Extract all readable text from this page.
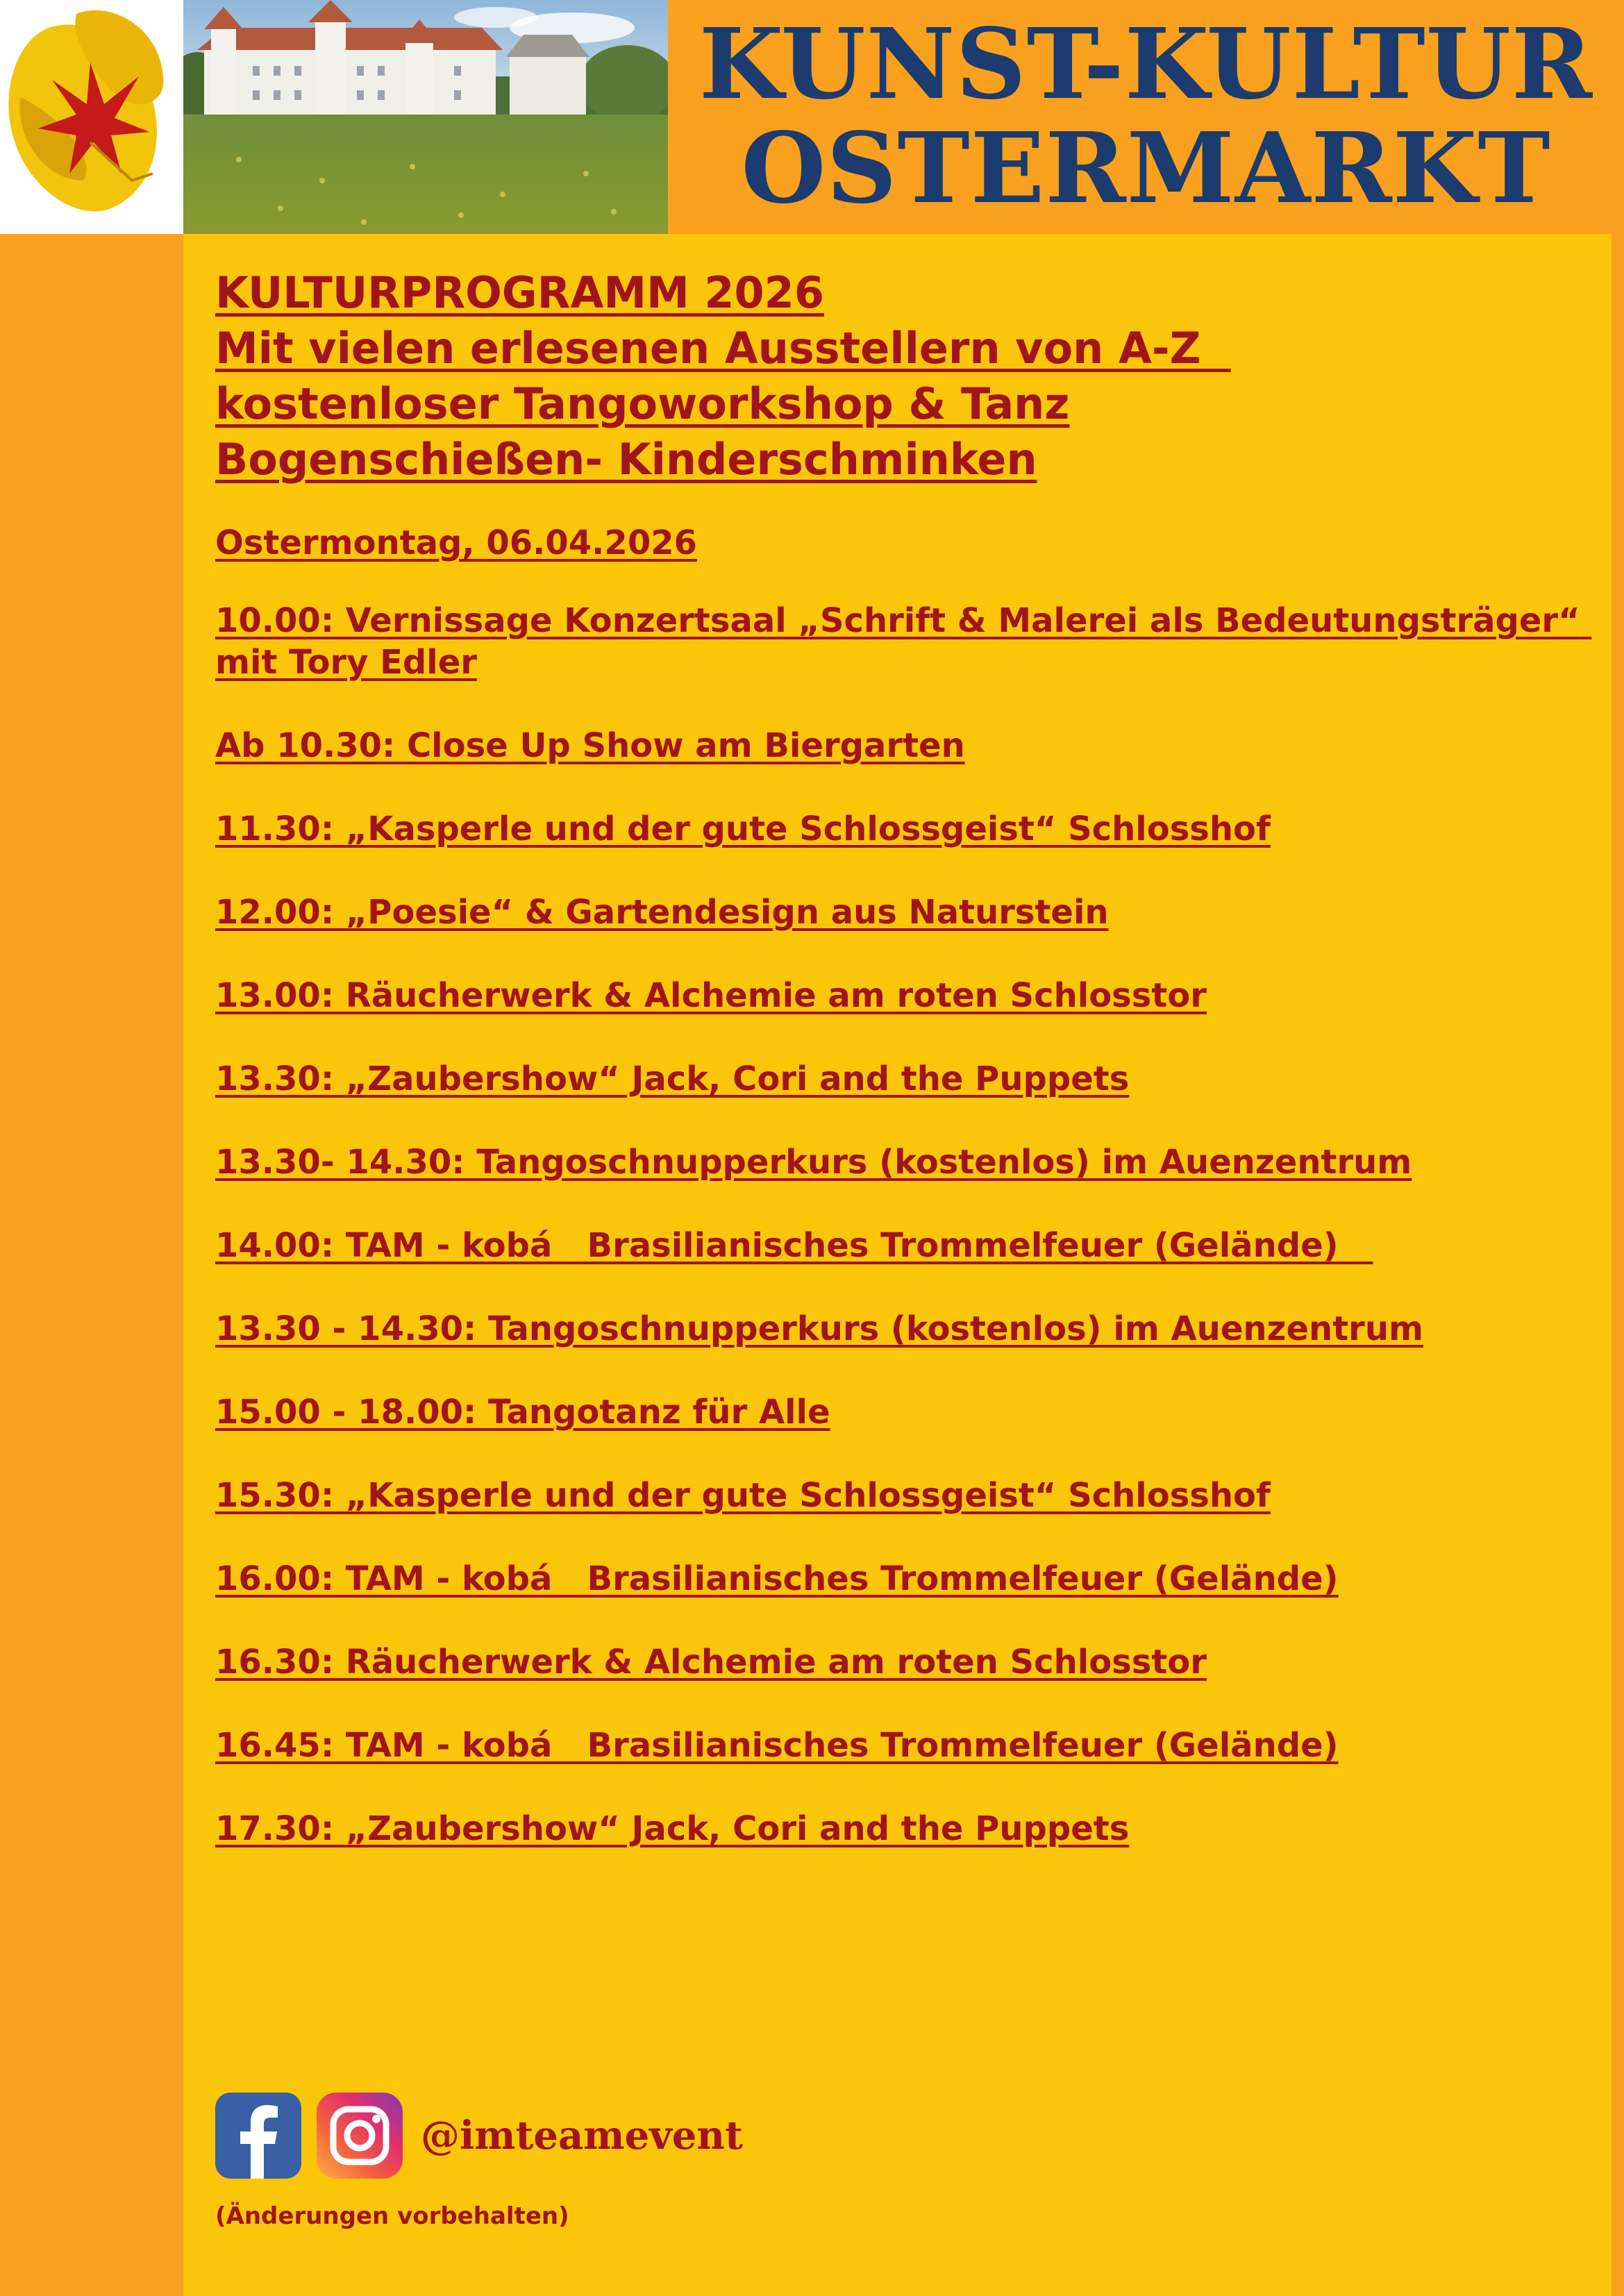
KUNST-KULTUR
OSTERMARKT
KULTURPROGRAMM 2026
Mit vielen erlesenen Ausstellern von A-Z
kostenloser Tangoworkshop & Tanz
Bogenschießen- Kinderschminken
Ostermontag, 06.04.2026
10.00: Vernissage Konzertsaal „Schrift & Malerei als Bedeutungsträger“ mit Tory Edler
Ab 10.30: Close Up Show am Biergarten
11.30: „Kasperle und der gute Schlossgeist“ Schlosshof
12.00: „Poesie“ & Gartendesign aus Naturstein
13.00: Räucherwerk & Alchemie am roten Schlosstor
13.30: „Zaubershow“ Jack, Cori and the Puppets
13.30- 14.30: Tangoschnupperkurs (kostenlos) im Auenzentrum
14.00: TAM - kobá   Brasilianisches Trommelfeuer (Gelände)
13.30 - 14.30: Tangoschnupperkurs (kostenlos) im Auenzentrum
15.00 - 18.00: Tangotanz für Alle
15.30: „Kasperle und der gute Schlossgeist“ Schlosshof
16.00: TAM - kobá   Brasilianisches Trommelfeuer (Gelände)
16.30: Räucherwerk & Alchemie am roten Schlosstor
16.45: TAM - kobá   Brasilianisches Trommelfeuer (Gelände)
17.30: „Zaubershow“ Jack, Cori and the Puppets
@imteamevent
(Änderungen vorbehalten)
